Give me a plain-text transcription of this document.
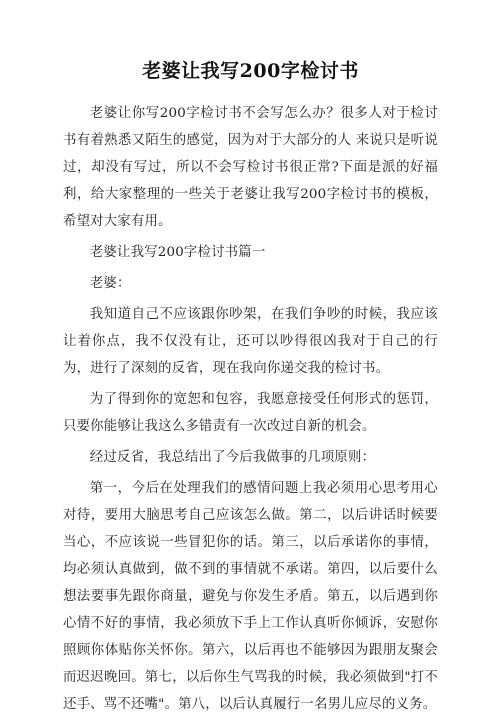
老婆让我写200字检讨书

老婆让你写200字检讨书不会写怎么办？很多人对于检讨书有着熟悉又陌生的感觉，因为对于大部分的人 来说只是听说过，却没有写过，所以不会写检讨书很正常?下面是派的好福利，给大家整理的一些关于老婆让我写200字检讨书的模板，希望对大家有用。

老婆让我写200字检讨书篇一

老婆：

我知道自己不应该跟你吵架，在我们争吵的时候，我应该让着你点，我不仅没有让，还可以吵得很凶我对于自己的行为，进行了深刻的反省，现在我向你递交我的检讨书。

为了得到你的宽恕和包容，我愿意接受任何形式的惩罚，只要你能够让我这么多错责有一次改过自新的机会。

经过反省，我总结出了今后我做事的几项原则：

第一，今后在处理我们的感情问题上我必须用心思考用心对待，要用大脑思考自己应该怎么做。第二，以后讲话时候要当心，不应该说一些冒犯你的话。第三，以后承诺你的事情，均必须认真做到，做不到的事情就不承诺。第四，以后要什么想法要事先跟你商量，避免与你发生矛盾。第五，以后遇到你心情不好的事情，我必须放下手上工作认真听你倾诉，安慰你照顾你体贴你关怀你。第六，以后再也不能够因为跟朋友聚会而迟迟晚回。第七，以后你生气骂我的时候，我必须做到"打不还手、骂不还嘴"。第八，以后认真履行一名男儿应尽的义务。
